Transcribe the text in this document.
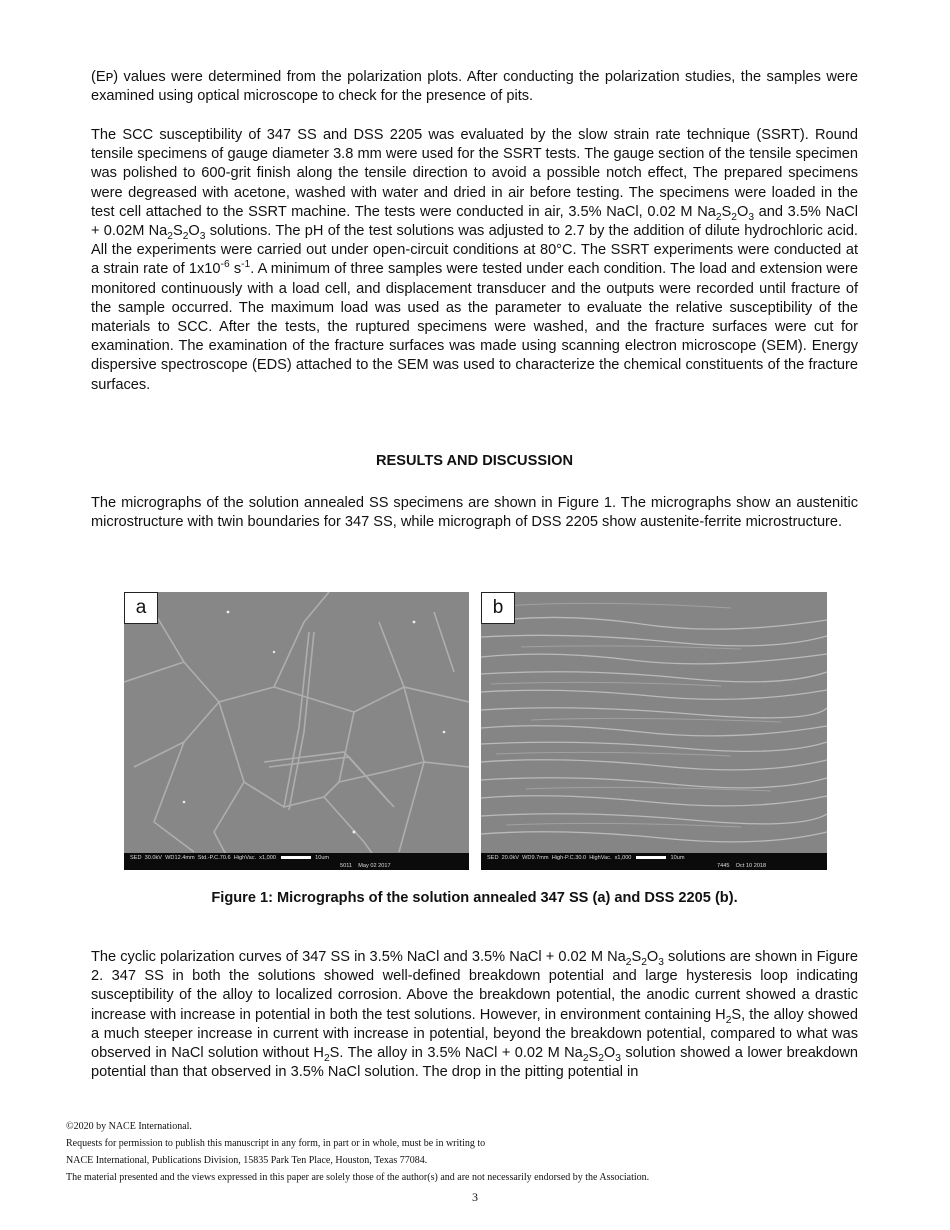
(Eᴘ) values were determined from the polarization plots. After conducting the polarization studies, the samples were examined using optical microscope to check for the presence of pits.

The SCC susceptibility of 347 SS and DSS 2205 was evaluated by the slow strain rate technique (SSRT). Round tensile specimens of gauge diameter 3.8 mm were used for the SSRT tests. The gauge section of the tensile specimen was polished to 600-grit finish along the tensile direction to avoid a possible notch effect, The prepared specimens were degreased with acetone, washed with water and dried in air before testing. The specimens were loaded in the test cell attached to the SSRT machine. The tests were conducted in air, 3.5% NaCl, 0.02 M $Na_2S_2O_3$ and 3.5% NaCl + 0.02M $Na_2S_2O_3$ solutions. The pH of the test solutions was adjusted to 2.7 by the addition of dilute hydrochloric acid. All the experiments were carried out under open-circuit conditions at 80°C. The SSRT experiments were conducted at a strain rate of $1x10^{-6}$ $s^{-1}$. A minimum of three samples were tested under each condition. The load and extension were monitored continuously with a load cell, and displacement transducer and the outputs were recorded until fracture of the sample occurred. The maximum load was used as the parameter to evaluate the relative susceptibility of the materials to SCC. After the tests, the ruptured specimens were washed, and the fracture surfaces were cut for examination. The examination of the fracture surfaces was made using scanning electron microscope (SEM). Energy dispersive spectroscope (EDS) attached to the SEM was used to characterize the chemical constituents of the fracture surfaces.

RESULTS AND DISCUSSION

The micrographs of the solution annealed SS specimens are shown in Figure 1. The micrographs show an austenitic microstructure with twin boundaries for 347 SS, while micrograph of DSS 2205 show austenite-ferrite microstructure.

a
SED 30.0kV WD12.4mm Std.-P.C.70.6 HighVac. x1,000	10um
5011 May 02 2017
b
SED 20.0kV WD9.7mm High-P.C.30.0 HighVac. x1,000	10um
7445 Oct 10 2018

Figure 1: Micrographs of the solution annealed 347 SS (a) and DSS 2205 (b).

The cyclic polarization curves of 347 SS in 3.5% NaCl and 3.5% NaCl + 0.02 M $Na_2S_2O_3$ solutions are shown in Figure 2. 347 SS in both the solutions showed well-defined breakdown potential and large hysteresis loop indicating susceptibility of the alloy to localized corrosion. Above the breakdown potential, the anodic current showed a drastic increase with increase in potential in both the test solutions. However, in environment containing $H_2S$, the alloy showed a much steeper increase in current with increase in potential, beyond the breakdown potential, compared to what was observed in NaCl solution without $H_2S$. The alloy in 3.5% NaCl + 0.02 M $Na_2S_2O_3$ solution showed a lower breakdown potential than that observed in 3.5% NaCl solution. The drop in the pitting potential in

©2020 by NACE International.
Requests for permission to publish this manuscript in any form, in part or in whole, must be in writing to
NACE International, Publications Division, 15835 Park Ten Place, Houston, Texas 77084.
The material presented and the views expressed in this paper are solely those of the author(s) and are not necessarily endorsed by the Association.
3
